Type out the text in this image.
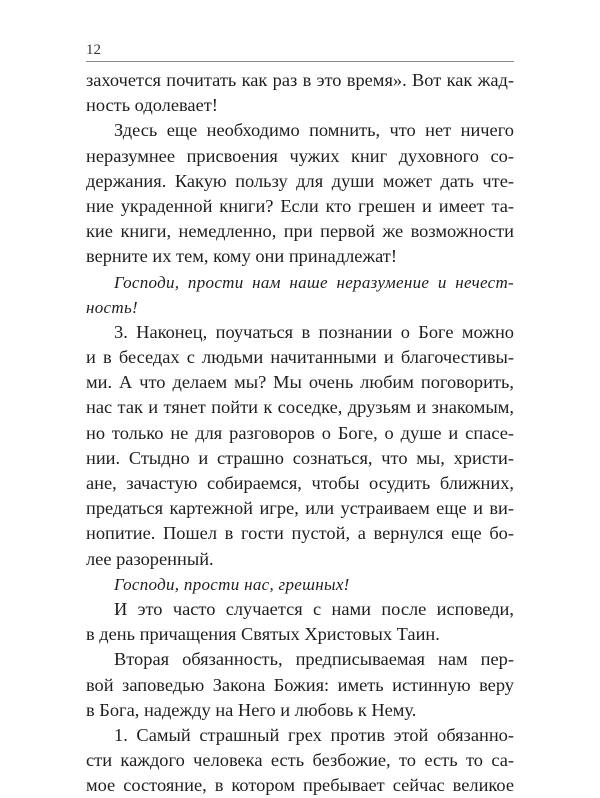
12
захочется почитать как раз в это время». Вот как жад-
ность одолевает!
Здесь еще необходимо помнить, что нет ничего
неразумнее присвоения чужих книг духовного со-
держания. Какую пользу для души может дать чте-
ние украденной книги? Если кто грешен и имеет та-
кие книги, немедленно, при первой же возможности
верните их тем, кому они принадлежат!
Господи, прости нам наше неразумение и нечест-
ность!
3. Наконец, поучаться в познании о Боге можно
и в беседах с людьми начитанными и благочестивы-
ми. А что делаем мы? Мы очень любим поговорить,
нас так и тянет пойти к соседке, друзьям и знакомым,
но только не для разговоров о Боге, о душе и спасе-
нии. Стыдно и страшно сознаться, что мы, христи-
ане, зачастую собираемся, чтобы осудить ближних,
предаться картежной игре, или устраиваем еще и ви-
нопитие. Пошел в гости пустой, а вернулся еще бо-
лее разоренный.
Господи, прости нас, грешных!
И это часто случается с нами после исповеди,
в день причащения Святых Христовых Таин.
Вторая обязанность, предписываемая нам пер-
вой заповедью Закона Божия: иметь истинную веру
в Бога, надежду на Него и любовь к Нему.
1. Самый страшный грех против этой обязанно-
сти каждого человека есть безбожие, то есть то са-
мое состояние, в котором пребывает сейчас великое
